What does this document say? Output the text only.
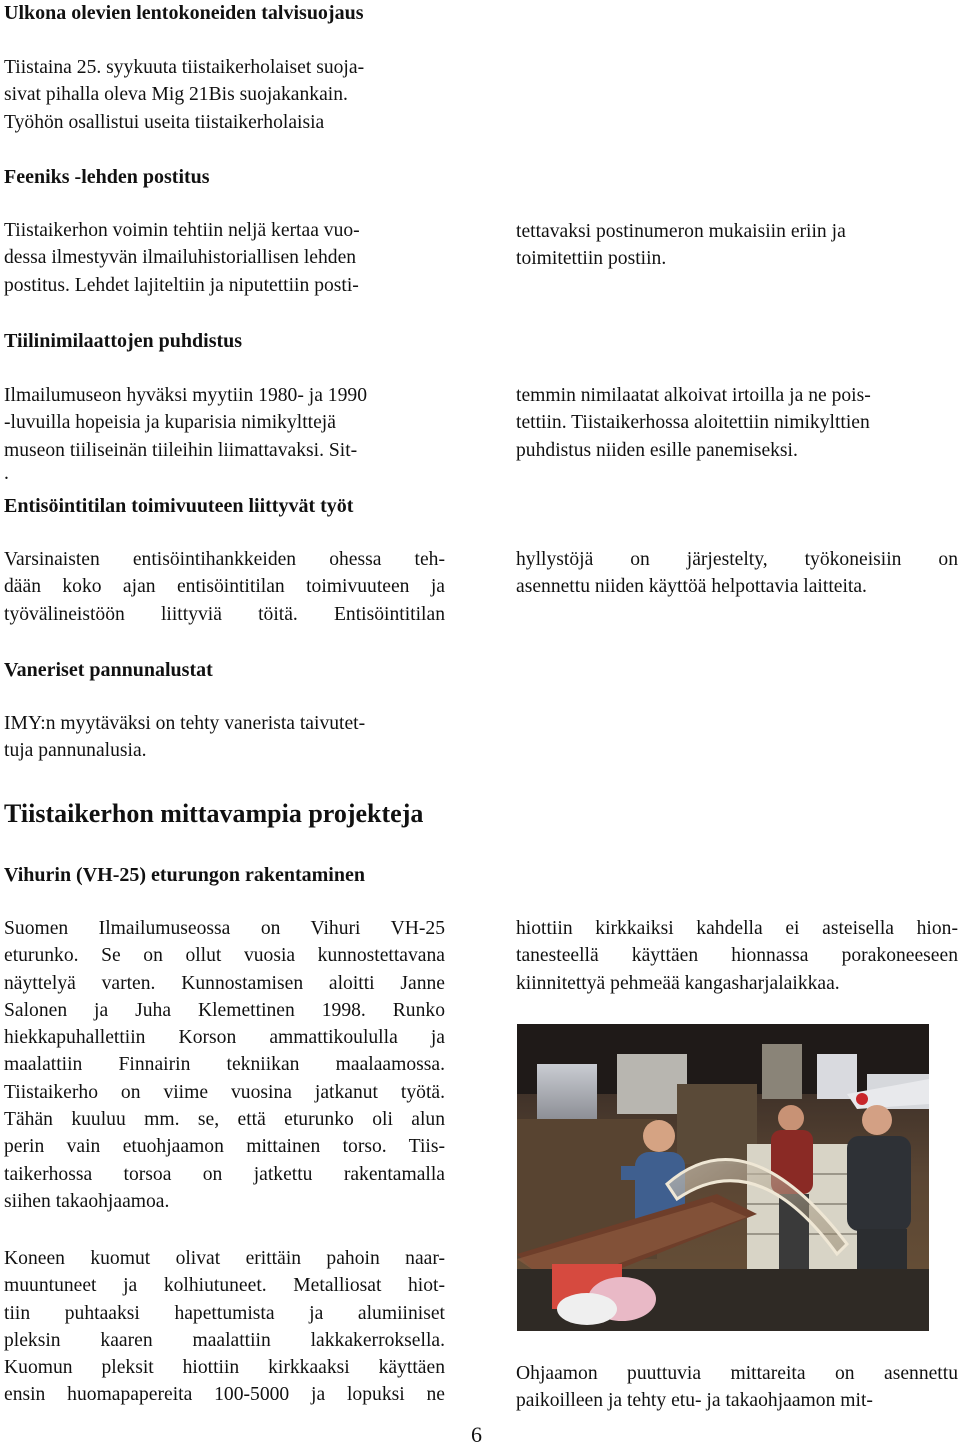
Ulkona olevien lentokoneiden talvisuojaus
Tiistaina 25. syykuuta tiistaikerholaiset suoja-
sivat pihalla oleva Mig 21Bis suojakankain.
Työhön osallistui useita tiistaikerholaisia
Feeniks -lehden postitus
Tiistaikerhon voimin tehtiin neljä kertaa vuo-
dessa ilmestyvän ilmailuhistoriallisen lehden
postitus. Lehdet lajiteltiin ja niputettiin posti-
tettavaksi postinumeron mukaisiin eriin ja
toimitettiin postiin.
Tiilinimilaattojen puhdistus
Ilmailumuseon hyväksi myytiin 1980- ja 1990
-luvuilla hopeisia ja kuparisia nimikylttejä
museon tiiliseinän tiileihin liimattavaksi. Sit-
.
temmin nimilaatat alkoivat irtoilla ja ne pois-
tettiin. Tiistaikerhossa aloitettiin nimikylttien
puhdistus niiden esille panemiseksi.
Entisöintitilan toimivuuteen liittyvät työt
Varsinaisten entisöintihankkeiden ohessa teh-
dään koko ajan entisöintitilan toimivuuteen ja
työvälineistöön liittyviä töitä. Entisöintitilan
hyllystöjä on järjestelty, työkoneisiin on
asennettu niiden käyttöä helpottavia laitteita.
Vaneriset pannunalustat
IMY:n myytäväksi on tehty vanerista taivutet-
tuja pannunalusia.
Tiistaikerhon mittavampia projekteja
Vihurin (VH-25) eturungon rakentaminen
Suomen Ilmailumuseossa on Vihuri VH-25
eturunko. Se on ollut vuosia kunnostettavana
näyttelyä varten. Kunnostamisen aloitti Janne
Salonen ja Juha Klemettinen 1998. Runko
hiekkapuhallettiin Korson ammattikoululla ja
maalattiin Finnairin tekniikan maalaamossa.
Tiistaikerho on viime vuosina jatkanut työtä.
Tähän kuuluu mm. se, että eturunko oli alun
perin vain etuohjaamon mittainen torso. Tiis-
taikerhossa torsoa on jatkettu rakentamalla
siihen takaohjaamoa.
Koneen kuomut olivat erittäin pahoin naar-
muuntuneet ja kolhiutuneet. Metalliosat hiot-
tiin puhtaaksi hapettumista ja alumiiniset
pleksin kaaren maalattiin lakkakerroksella.
Kuomun pleksit hiottiin kirkkaaksi käyttäen
ensin huomapapereita 100-5000 ja lopuksi ne
hiottiin kirkkaiksi kahdella ei asteisella hion-
tanesteellä käyttäen hionnassa porakoneeseen
kiinnitettyä pehmeää kangasharjalaikkaa.
Ohjaamon puuttuvia mittareita on asennettu
paikoilleen ja tehty etu- ja takaohjaamon mit-
6
